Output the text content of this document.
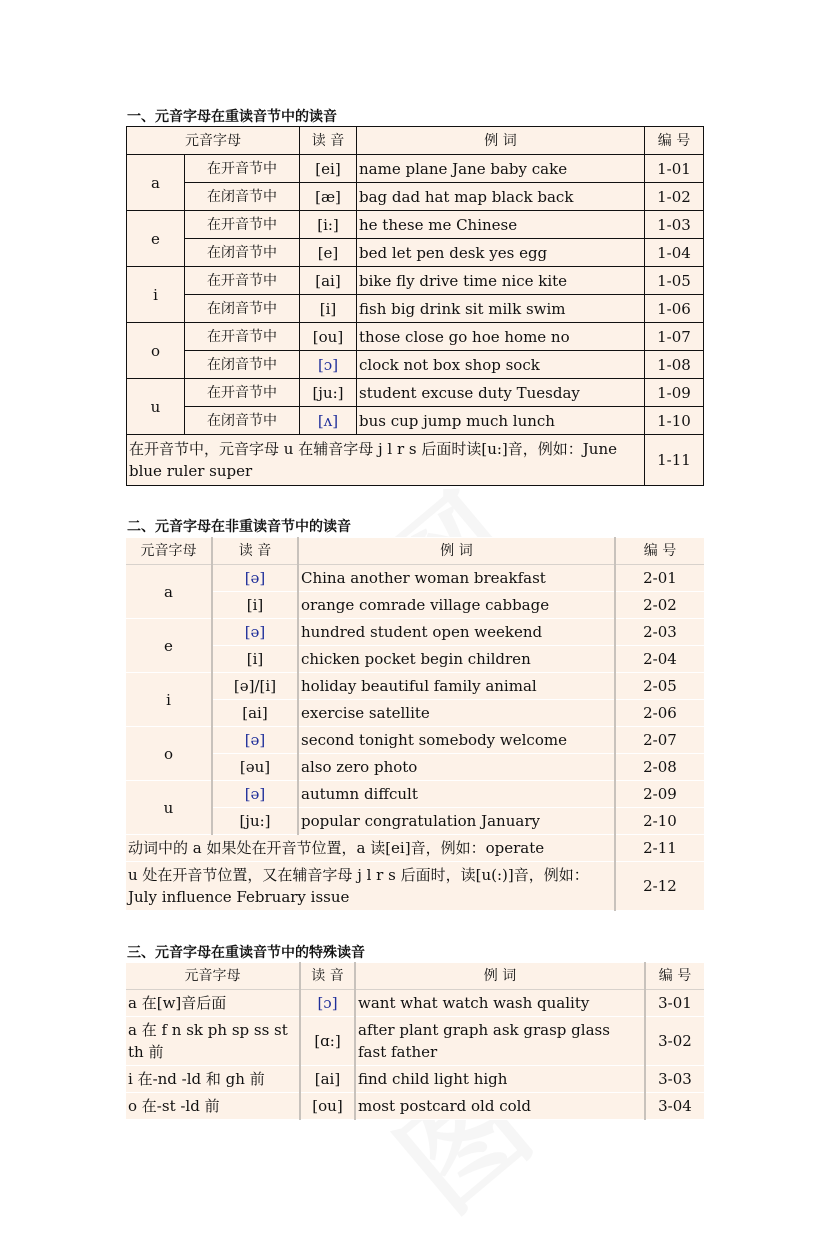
一、元音字母在重读音节中的读音
元音字母		读 音	例 词	编 号
a	在开音节中	[ei]	name plane Jane baby cake	1-01
	在闭音节中	[æ]	bag dad hat map black back	1-02
e	在开音节中	[i:]	he these me Chinese	1-03
	在闭音节中	[e]	bed let pen desk yes egg	1-04
i	在开音节中	[ai]	bike fly drive time nice kite	1-05
	在闭音节中	[i]	fish big drink sit milk swim	1-06
o	在开音节中	[ou]	those close go hoe home no	1-07
	在闭音节中	[ɔ]	clock not box shop sock	1-08
u	在开音节中	[ju:]	student excuse duty Tuesday	1-09
	在闭音节中	[ʌ]	bus cup jump much lunch	1-10
在开音节中，元音字母 u 在辅音字母 j l r s 后面时读[u:]音，例如：June blue ruler super				1-11
二、元音字母在非重读音节中的读音
元音字母	读 音	例 词	编 号
a	[ə]	China another woman breakfast	2-01
	[i]	orange comrade village cabbage	2-02
e	[ə]	hundred student open weekend	2-03
	[i]	chicken pocket begin children	2-04
i	[ə]/[i]	holiday beautiful family animal	2-05
	[ai]	exercise satellite	2-06
o	[ə]	second tonight somebody welcome	2-07
	[əu]	also zero photo	2-08
u	[ə]	autumn diffcult	2-09
	[ju:]	popular congratulation January	2-10
动词中的 a 如果处在开音节位置，a 读[ei]音，例如：operate			2-11
u 处在开音节位置，又在辅音字母 j l r s 后面时，读[u(:)]音，例如：July influence February issue			2-12
三、元音字母在重读音节中的特殊读音
元音字母	读 音	例 词	编 号
a 在[w]音后面	[ɔ]	want what watch wash quality	3-01
a 在 f n sk ph sp ss st th 前	[ɑ:]	after plant graph ask grasp glass fast father	3-02
i 在-nd -ld 和 gh 前	[ai]	find child light high	3-03
o 在-st -ld 前	[ou]	most postcard old cold	3-04
